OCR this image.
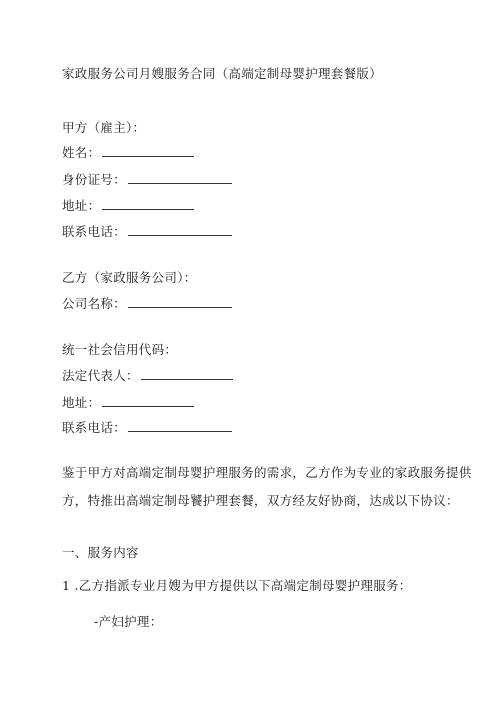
家政服务公司月嫂服务合同（高端定制母婴护理套餐版）
甲方（雇主）：
姓名：
身份证号：
地址：
联系电话：
乙方（家政服务公司）：
公司名称：
统一社会信用代码：
法定代表人：
地址：
联系电话：
鉴于甲方对高端定制母婴护理服务的需求，乙方作为专业的家政服务提供
方，特推出高端定制母饕护理套餐，双方经友好协商，达成以下协议：
一、服务内容
1 .乙方指派专业月嫂为甲方提供以下高端定制母婴护理服务：
-产妇护理：
